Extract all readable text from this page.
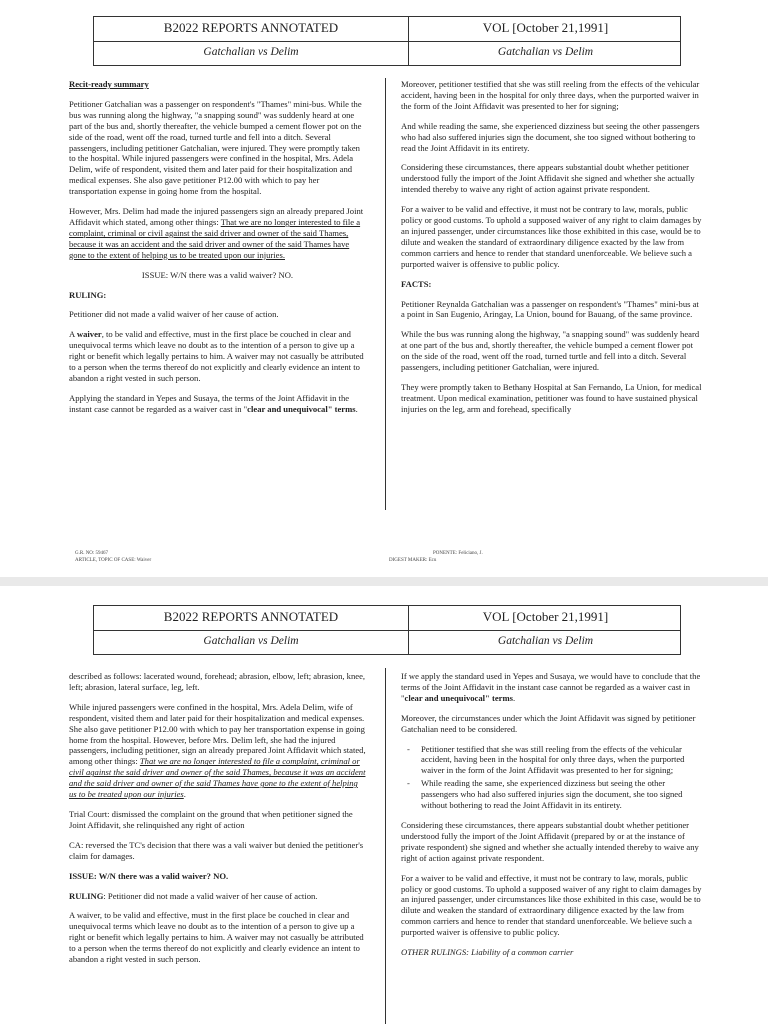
B2022 REPORTS ANNOTATED	VOL [October 21,1991]
Gatchalian vs Delim	Gatchalian vs Delim

Recit-ready summary

Petitioner Gatchalian was a passenger on respondent's "Thames" mini-bus. While the bus was running along the highway, "a snapping sound" was suddenly heard at one part of the bus and, shortly thereafter, the vehicle bumped a cement flower pot on the side of the road, went off the road, turned turtle and fell into a ditch. Several passengers, including petitioner Gatchalian, were injured. They were promptly taken to the hospital. While injured passengers were confined in the hospital, Mrs. Adela Delim, wife of respondent, visited them and later paid for their hospitalization and medical expenses. She also gave petitioner P12.00 with which to pay her transportation expense in going home from the hospital.

However, Mrs. Delim had made the injured passengers sign an already prepared Joint Affidavit which stated, among other things: That we are no longer interested to file a complaint, criminal or civil against the said driver and owner of the said Thames, because it was an accident and the said driver and owner of the said Thames have gone to the extent of helping us to be treated upon our injuries.

ISSUE: W/N there was a valid waiver? NO.

RULING:

Petitioner did not made a valid waiver of her cause of action.

A waiver, to be valid and effective, must in the first place be couched in clear and unequivocal terms which leave no doubt as to the intention of a person to give up a right or benefit which legally pertains to him. A waiver may not casually be attributed to a person when the terms thereof do not explicitly and clearly evidence an intent to abandon a right vested in such person.

Applying the standard in Yepes and Susaya, the terms of the Joint Affidavit in the instant case cannot be regarded as a waiver cast in "clear and unequivocal" terms.

Moreover, petitioner testified that she was still reeling from the effects of the vehicular accident, having been in the hospital for only three days, when the purported waiver in the form of the Joint Affidavit was presented to her for signing;

And while reading the same, she experienced dizziness but seeing the other passengers who had also suffered injuries sign the document, she too signed without bothering to read the Joint Affidavit in its entirety.

Considering these circumstances, there appears substantial doubt whether petitioner understood fully the import of the Joint Affidavit she signed and whether she actually intended thereby to waive any right of action against private respondent.

For a waiver to be valid and effective, it must not be contrary to law, morals, public policy or good customs. To uphold a supposed waiver of any right to claim damages by an injured passenger, under circumstances like those exhibited in this case, would be to dilute and weaken the standard of extraordinary diligence exacted by the law from common carriers and hence to render that standard unenforceable. We believe such a purported waiver is offensive to public policy.

FACTS:

Petitioner Reynalda Gatchalian was a passenger on respondent's "Thames" mini-bus at a point in San Eugenio, Aringay, La Union, bound for Bauang, of the same province.

While the bus was running along the highway, "a snapping sound" was suddenly heard at one part of the bus and, shortly thereafter, the vehicle bumped a cement flower pot on the side of the road, went off the road, turned turtle and fell into a ditch. Several passengers, including petitioner Gatchalian, were injured.

They were promptly taken to Bethany Hospital at San Fernando, La Union, for medical treatment. Upon medical examination, petitioner was found to have sustained physical injuries on the leg, arm and forehead, specifically

G.R. NO: 59467
ARTICLE, TOPIC OF CASE: Waiver
PONENTE: Feliciano, J.
DIGEST MAKER: Ecu
B2022 REPORTS ANNOTATED	VOL [October 21,1991]
Gatchalian vs Delim	Gatchalian vs Delim

described as follows: lacerated wound, forehead; abrasion, elbow, left; abrasion, knee, left; abrasion, lateral surface, leg, left.

While injured passengers were confined in the hospital, Mrs. Adela Delim, wife of respondent, visited them and later paid for their hospitalization and medical expenses. She also gave petitioner P12.00 with which to pay her transportation expense in going home from the hospital. However, before Mrs. Delim left, she had the injured passengers, including petitioner, sign an already prepared Joint Affidavit which stated, among other things: That we are no longer interested to file a complaint, criminal or civil against the said driver and owner of the said Thames, because it was an accident and the said driver and owner of the said Thames have gone to the extent of helping us to be treated upon our injuries.

Trial Court: dismissed the complaint on the ground that when petitioner signed the Joint Affidavit, she relinquished any right of action

CA: reversed the TC's decision that there was a vali waiver but denied the petitioner's claim for damages.

ISSUE: W/N there was a valid waiver? NO.

RULING: Petitioner did not made a valid waiver of her cause of action.

A waiver, to be valid and effective, must in the first place be couched in clear and unequivocal terms which leave no doubt as to the intention of a person to give up a right or benefit which legally pertains to him. A waiver may not casually be attributed to a person when the terms thereof do not explicitly and clearly evidence an intent to abandon a right vested in such person.

If we apply the standard used in Yepes and Susaya, we would have to conclude that the terms of the Joint Affidavit in the instant case cannot be regarded as a waiver cast in "clear and unequivocal" terms.

Moreover, the circumstances under which the Joint Affidavit was signed by petitioner Gatchalian need to be considered.

- Petitioner testified that she was still reeling from the effects of the vehicular accident, having been in the hospital for only three days, when the purported waiver in the form of the Joint Affidavit was presented to her for signing;
- While reading the same, she experienced dizziness but seeing the other passengers who had also suffered injuries sign the document, she too signed without bothering to read the Joint Affidavit in its entirety.

Considering these circumstances, there appears substantial doubt whether petitioner understood fully the import of the Joint Affidavit (prepared by or at the instance of private respondent) she signed and whether she actually intended thereby to waive any right of action against private respondent.

For a waiver to be valid and effective, it must not be contrary to law, morals, public policy or good customs. To uphold a supposed waiver of any right to claim damages by an injured passenger, under circumstances like those exhibited in this case, would be to dilute and weaken the standard of extraordinary diligence exacted by the law from common carriers and hence to render that standard unenforceable. We believe such a purported waiver is offensive to public policy.

OTHER RULINGS: Liability of a common carrier
